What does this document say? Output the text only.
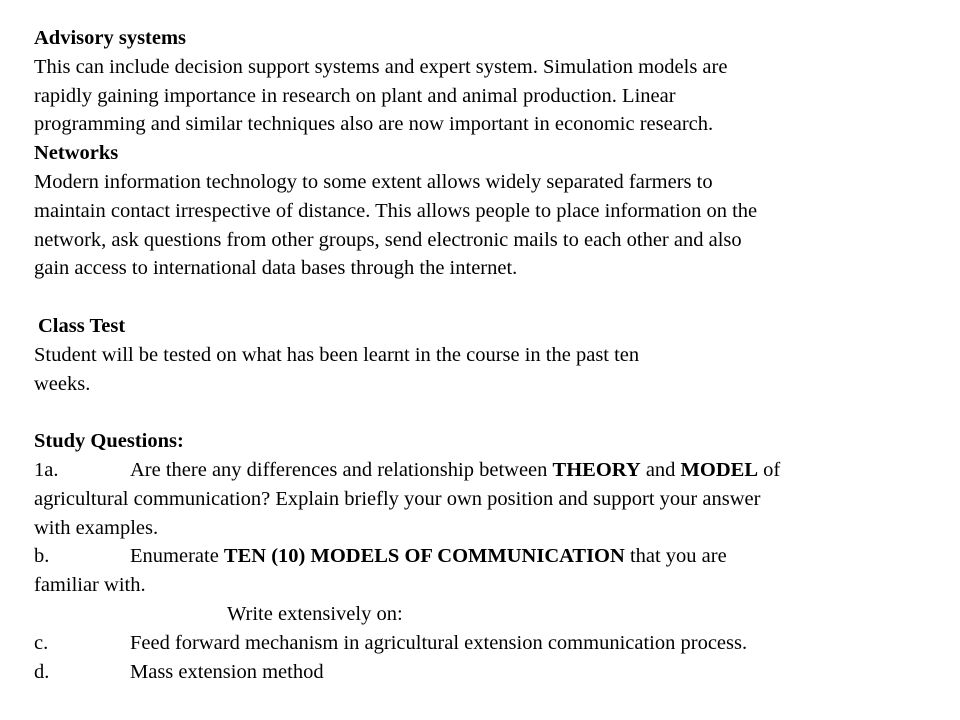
Advisory systems
This can include decision support systems and expert system. Simulation models are
rapidly gaining importance in research on plant and animal production. Linear
programming and similar techniques also are now important in economic research.
Networks
Modern information technology to some extent allows widely separated farmers to
maintain contact irrespective of distance. This allows people to place information on the
network, ask questions from other groups, send electronic mails to each other and also
gain access to international data bases through the internet.
Class Test
Student will be tested on what has been learnt in the course in the past ten
weeks.
Study Questions:
1a.	Are there any differences and relationship between THEORY and MODEL of
agricultural communication? Explain briefly your own position and support your answer
with examples.
b.	Enumerate TEN (10) MODELS OF COMMUNICATION that you are
familiar with.
Write extensively on:
c.	Feed forward mechanism in agricultural extension communication process.
d.	Mass extension method
